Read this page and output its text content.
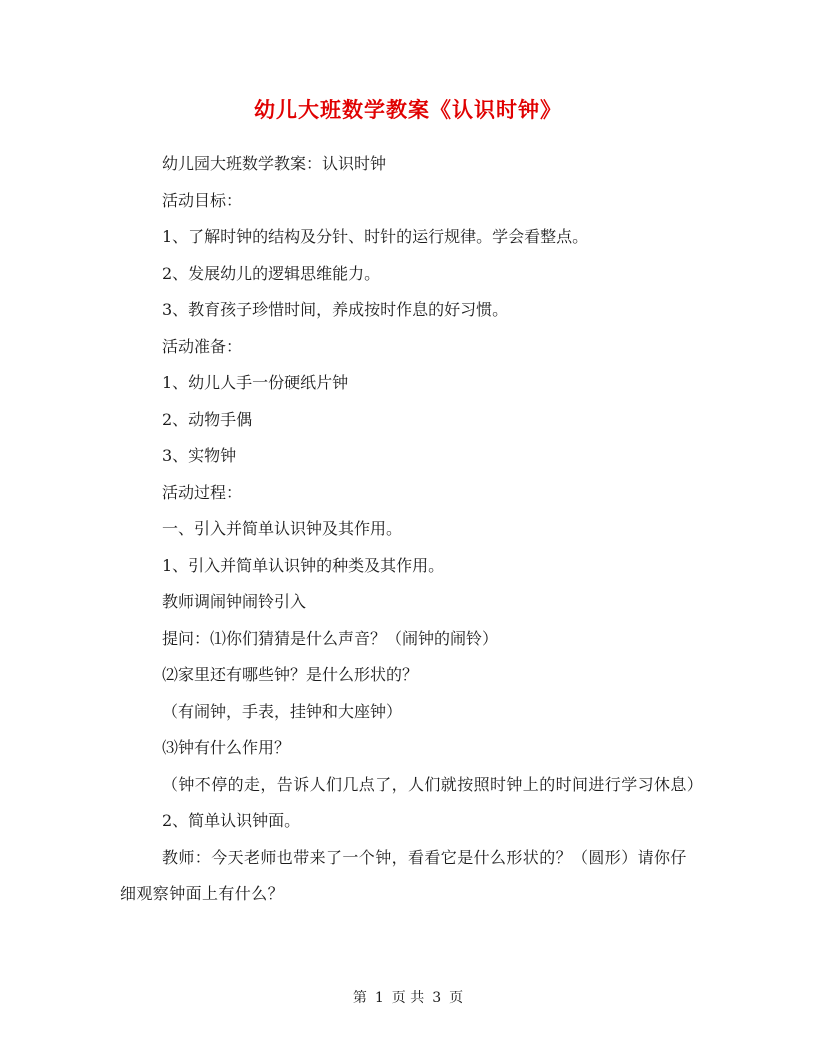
幼儿大班数学教案《认识时钟》

幼儿园大班数学教案：认识时钟

活动目标：

1、了解时钟的结构及分针、时针的运行规律。学会看整点。

2、发展幼儿的逻辑思维能力。

3、教育孩子珍惜时间，养成按时作息的好习惯。

活动准备：

1、幼儿人手一份硬纸片钟

2、动物手偶

3、实物钟

活动过程：

一、引入并简单认识钟及其作用。

1、引入并简单认识钟的种类及其作用。

教师调闹钟闹铃引入

提问：⑴你们猜猜是什么声音？（闹钟的闹铃）

⑵家里还有哪些钟？是什么形状的？

（有闹钟，手表，挂钟和大座钟）

⑶钟有什么作用？

（钟不停的走，告诉人们几点了，人们就按照时钟上的时间进行学习休息）

2、简单认识钟面。

教师：今天老师也带来了一个钟，看看它是什么形状的？（圆形）请你仔细观察钟面上有什么？

第 1 页 共 3 页
